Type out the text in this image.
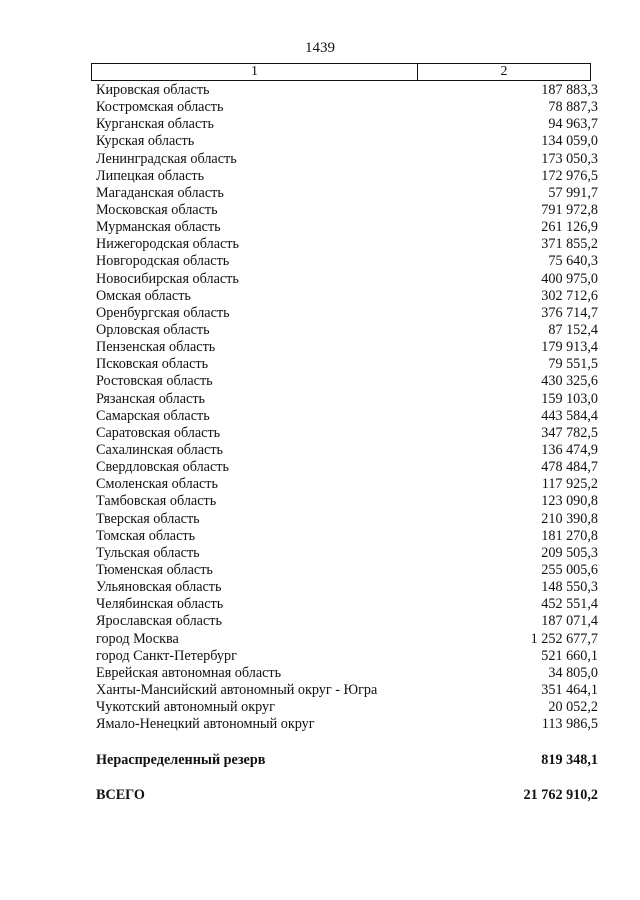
1439
1	2
Кировская область	187 883,3
Костромская область	78 887,3
Курганская область	94 963,7
Курская область	134 059,0
Ленинградская область	173 050,3
Липецкая область	172 976,5
Магаданская область	57 991,7
Московская область	791 972,8
Мурманская область	261 126,9
Нижегородская область	371 855,2
Новгородская область	75 640,3
Новосибирская область	400 975,0
Омская область	302 712,6
Оренбургская область	376 714,7
Орловская область	87 152,4
Пензенская область	179 913,4
Псковская область	79 551,5
Ростовская область	430 325,6
Рязанская область	159 103,0
Самарская область	443 584,4
Саратовская область	347 782,5
Сахалинская область	136 474,9
Свердловская область	478 484,7
Смоленская область	117 925,2
Тамбовская область	123 090,8
Тверская область	210 390,8
Томская область	181 270,8
Тульская область	209 505,3
Тюменская область	255 005,6
Ульяновская область	148 550,3
Челябинская область	452 551,4
Ярославская область	187 071,4
город Москва	1 252 677,7
город Санкт-Петербург	521 660,1
Еврейская автономная область	34 805,0
Ханты-Мансийский автономный округ - Югра	351 464,1
Чукотский автономный округ	20 052,2
Ямало-Ненецкий автономный округ	113 986,5
Нераспределенный резерв	819 348,1
ВСЕГО	21 762 910,2
